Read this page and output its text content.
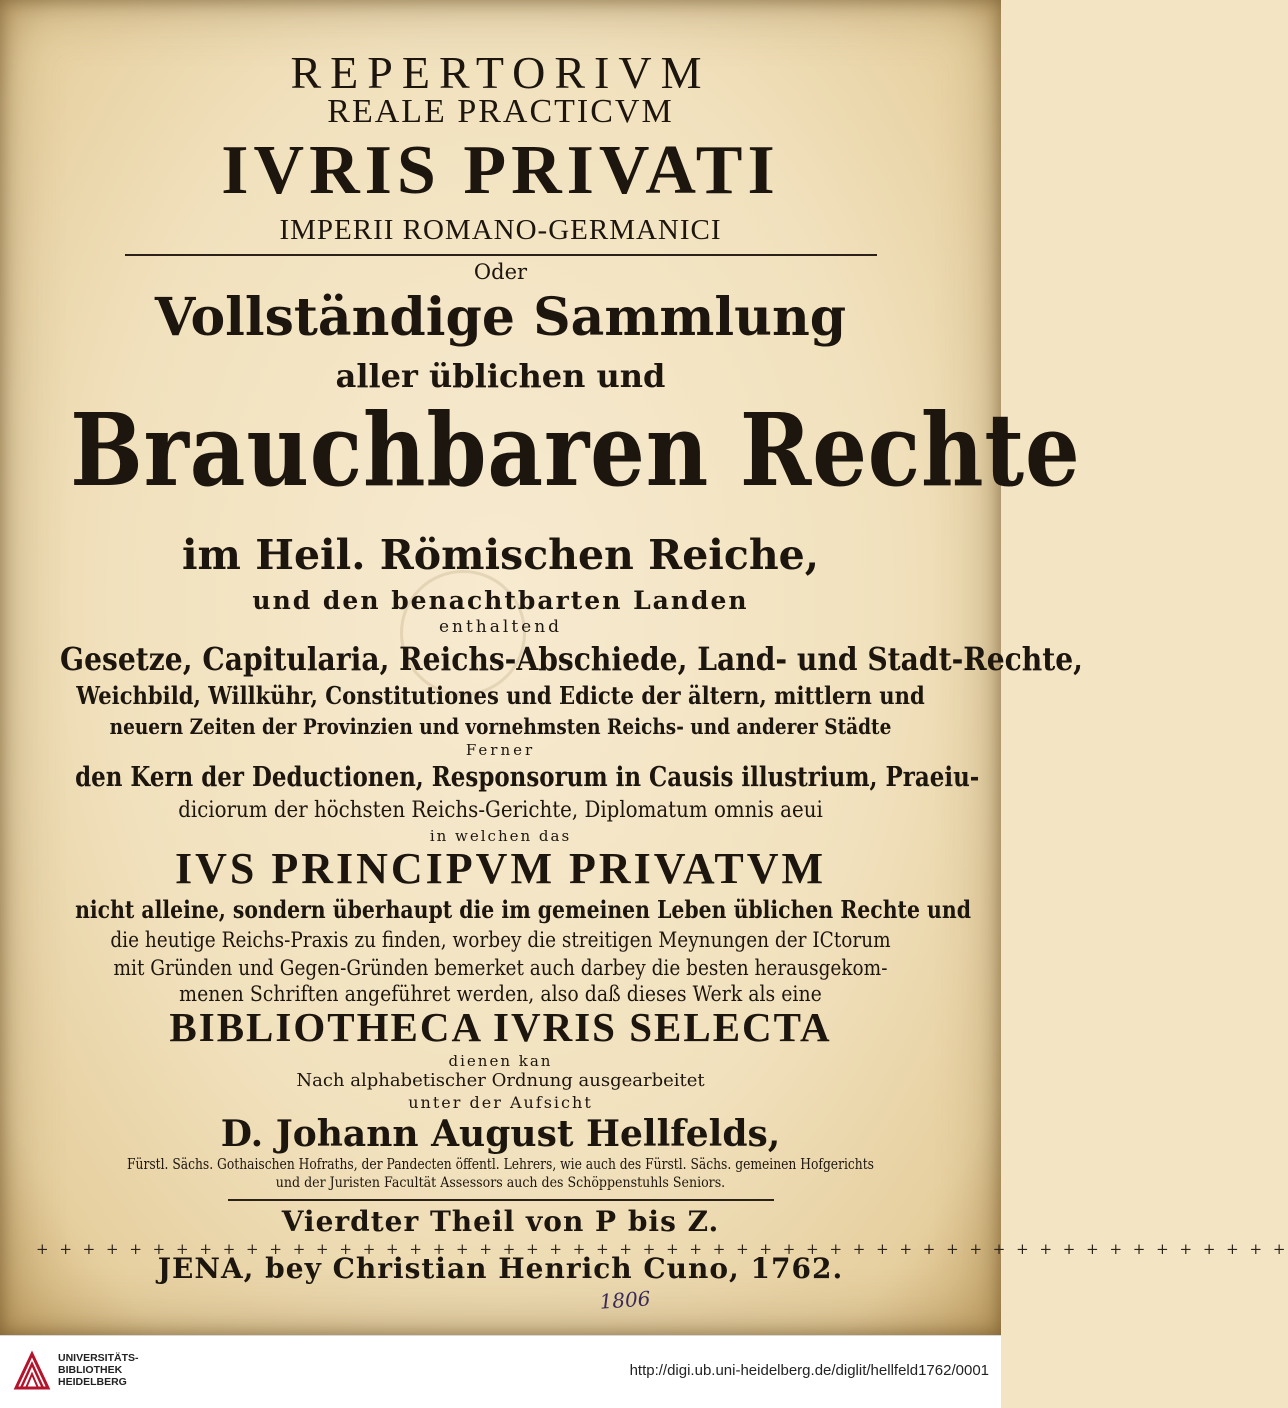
REPERTORIVM
REALE PRACTICVM
IVRIS PRIVATI
IMPERII ROMANO-GERMANICI
Oder
Vollständige Sammlung
aller üblichen und
Brauchbaren Rechte
im Heil. Römischen Reiche,
und den benachtbarten Landen
enthaltend
Gesetze, Capitularia, Reichs-Abschiede, Land- und Stadt-Rechte,
Weichbild, Willkühr, Constitutiones und Edicte der ältern, mittlern und
neuern Zeiten der Provinzien und vornehmsten Reichs- und anderer Städte
Ferner
den Kern der Deductionen, Responsorum in Causis illustrium, Praeiu-
diciorum der höchsten Reichs-Gerichte, Diplomatum omnis aeui
in welchen das
IVS PRINCIPVM PRIVATVM
nicht alleine, sondern überhaupt die im gemeinen Leben üblichen Rechte und
die heutige Reichs-Praxis zu finden, worbey die streitigen Meynungen der ICtorum
mit Gründen und Gegen-Gründen bemerket auch darbey die besten herausgekom-
menen Schriften angeführet werden, also daß dieses Werk als eine
BIBLIOTHECA IVRIS SELECTA
dienen kan
Nach alphabetischer Ordnung ausgearbeitet
unter der Aufsicht
D. Johann August Hellfelds,
Fürstl. Sächs. Gothaischen Hofraths, der Pandecten öffentl. Lehrers, wie auch des Fürstl. Sächs. gemeinen Hofgerichts
und der Juristen Facultät Assessors auch des Schöppenstuhls Seniors.
Vierdter Theil von P bis Z.
+ + + + + + + + + + + + + + + + + + + + + + + + + + + + + + + + + + + + + + + + + + + + + + + + + + + + + +
JENA, bey Christian Henrich Cuno, 1762.
1806
UNIVERSITÄTS-
BIBLIOTHEK
HEIDELBERG
http://digi.ub.uni-heidelberg.de/diglit/hellfeld1762/0001
